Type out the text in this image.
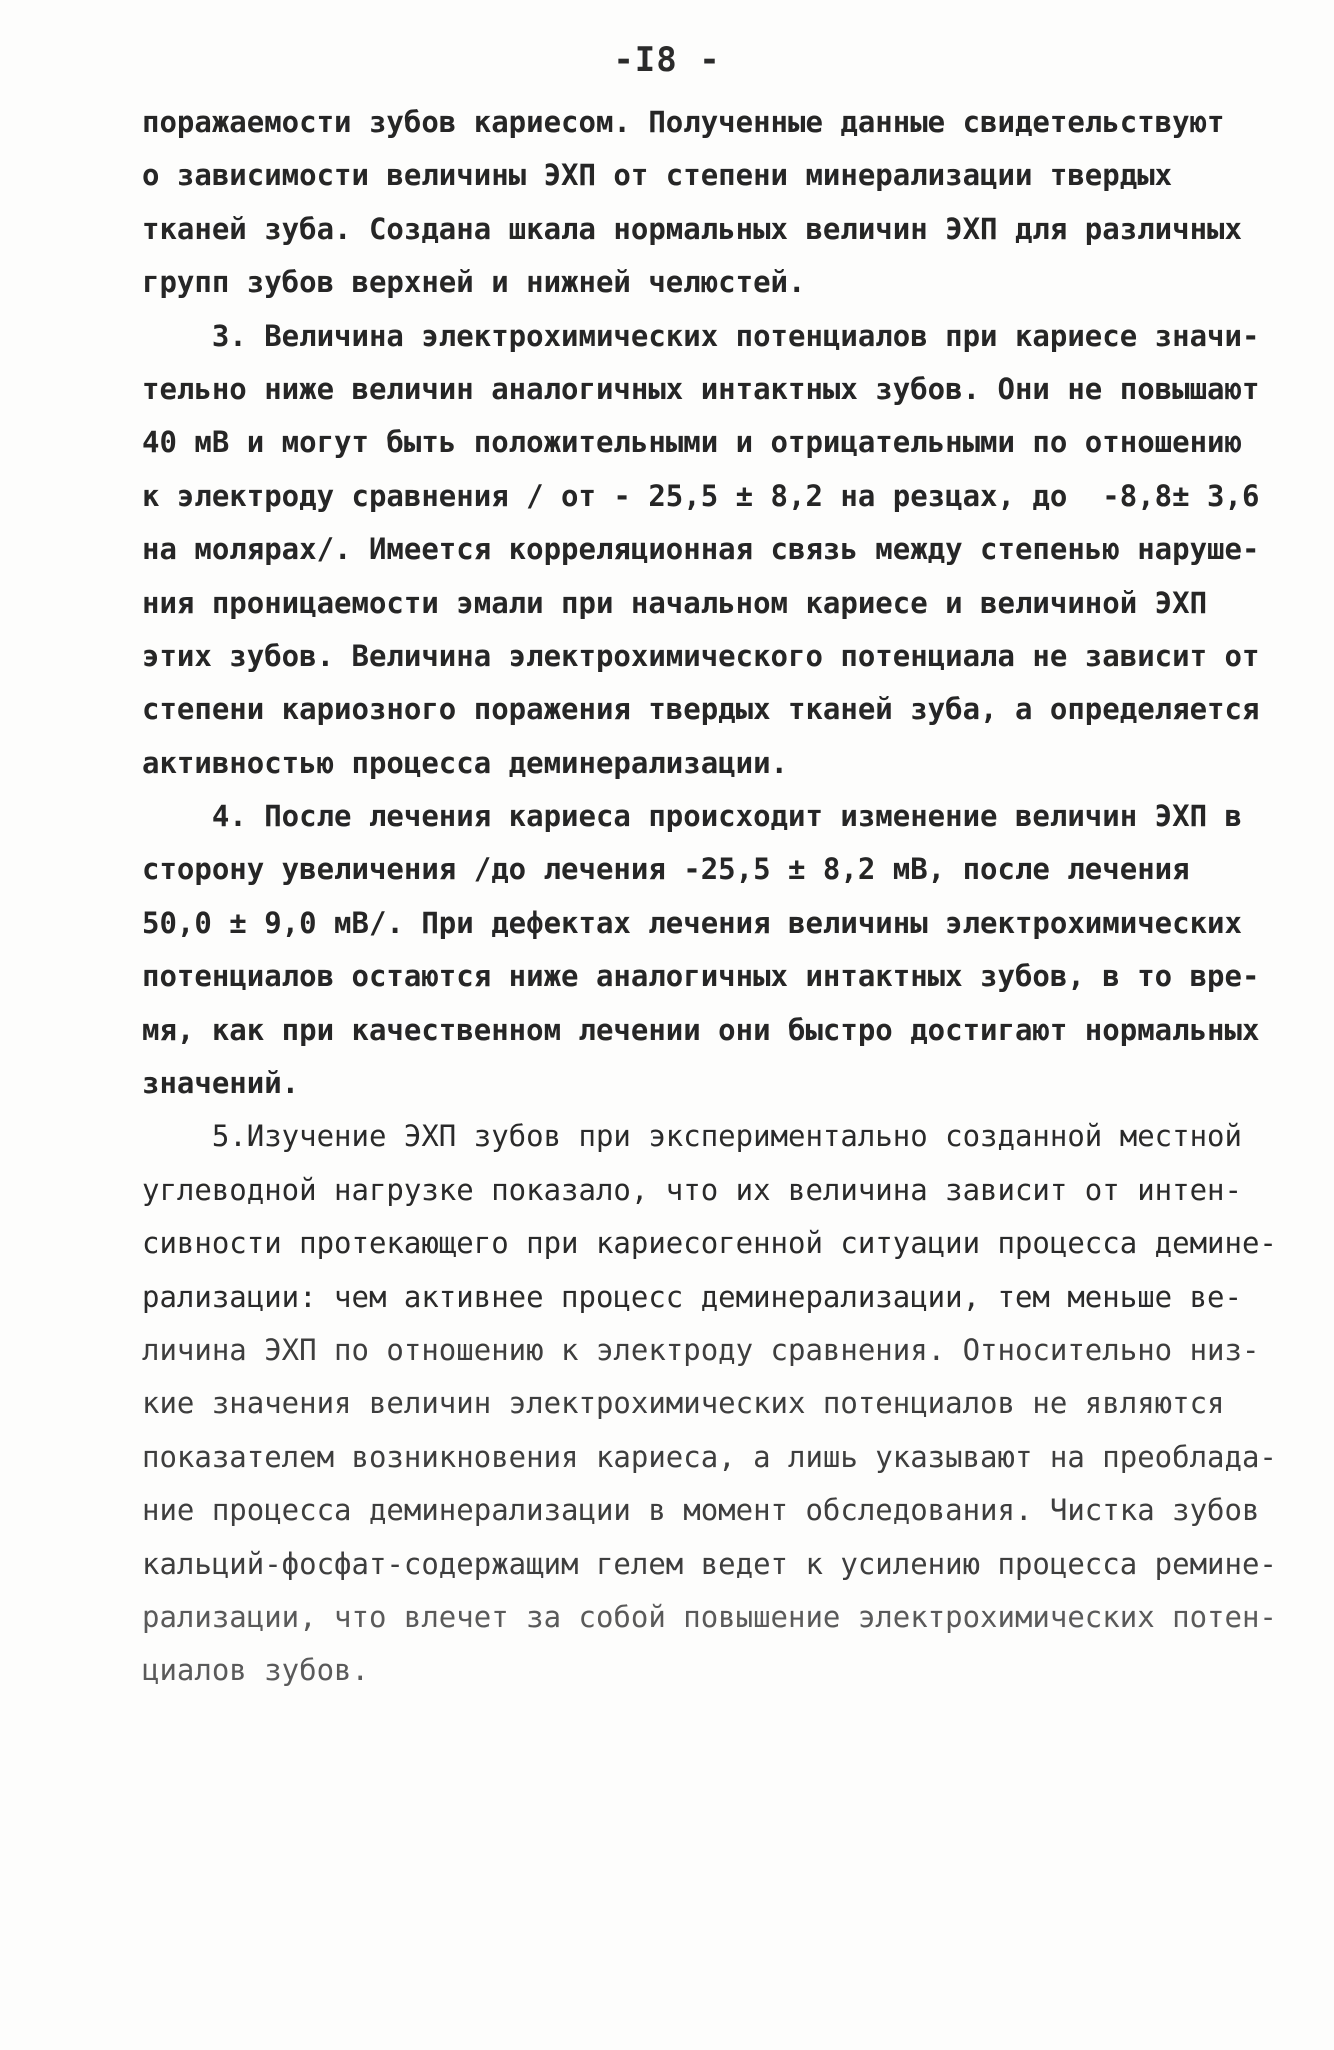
-I8 -
поражаемости зубов кариесом. Полученные данные свидетельствуют
о зависимости величины ЭХП от степени минерализации твердых
тканей зуба. Создана шкала нормальных величин ЭХП для различных
групп зубов верхней и нижней челюстей.
3. Величина электрохимических потенциалов при кариесе значи-
тельно ниже величин аналогичных интактных зубов. Они не повышают
40 мВ и могут быть положительными и отрицательными по отношению
к электроду сравнения / от - 25,5 ± 8,2 на резцах, до  -8,8± 3,6
на молярах/. Имеется корреляционная связь между степенью наруше-
ния проницаемости эмали при начальном кариесе и величиной ЭХП
этих зубов. Величина электрохимического потенциала не зависит от
степени кариозного поражения твердых тканей зуба, а определяется
активностью процесса деминерализации.
4. После лечения кариеса происходит изменение величин ЭХП в
сторону увеличения /до лечения -25,5 ± 8,2 мВ, после лечения
50,0 ± 9,0 мВ/. При дефектах лечения величины электрохимических
потенциалов остаются ниже аналогичных интактных зубов, в то вре-
мя, как при качественном лечении они быстро достигают нормальных
значений.
5.Изучение ЭХП зубов при экспериментально созданной местной
углеводной нагрузке показало, что их величина зависит от интен-
сивности протекающего при кариесогенной ситуации процесса демине-
рализации: чем активнее процесс деминерализации, тем меньше ве-
личина ЭХП по отношению к электроду сравнения. Относительно низ-
кие значения величин электрохимических потенциалов не являются
показателем возникновения кариеса, а лишь указывают на преоблада-
ние процесса деминерализации в момент обследования. Чистка зубов
кальций-фосфат-содержащим гелем ведет к усилению процесса реминe-
рализации, что влечет за собой повышение электрохимических потен-
циалов зубов.
